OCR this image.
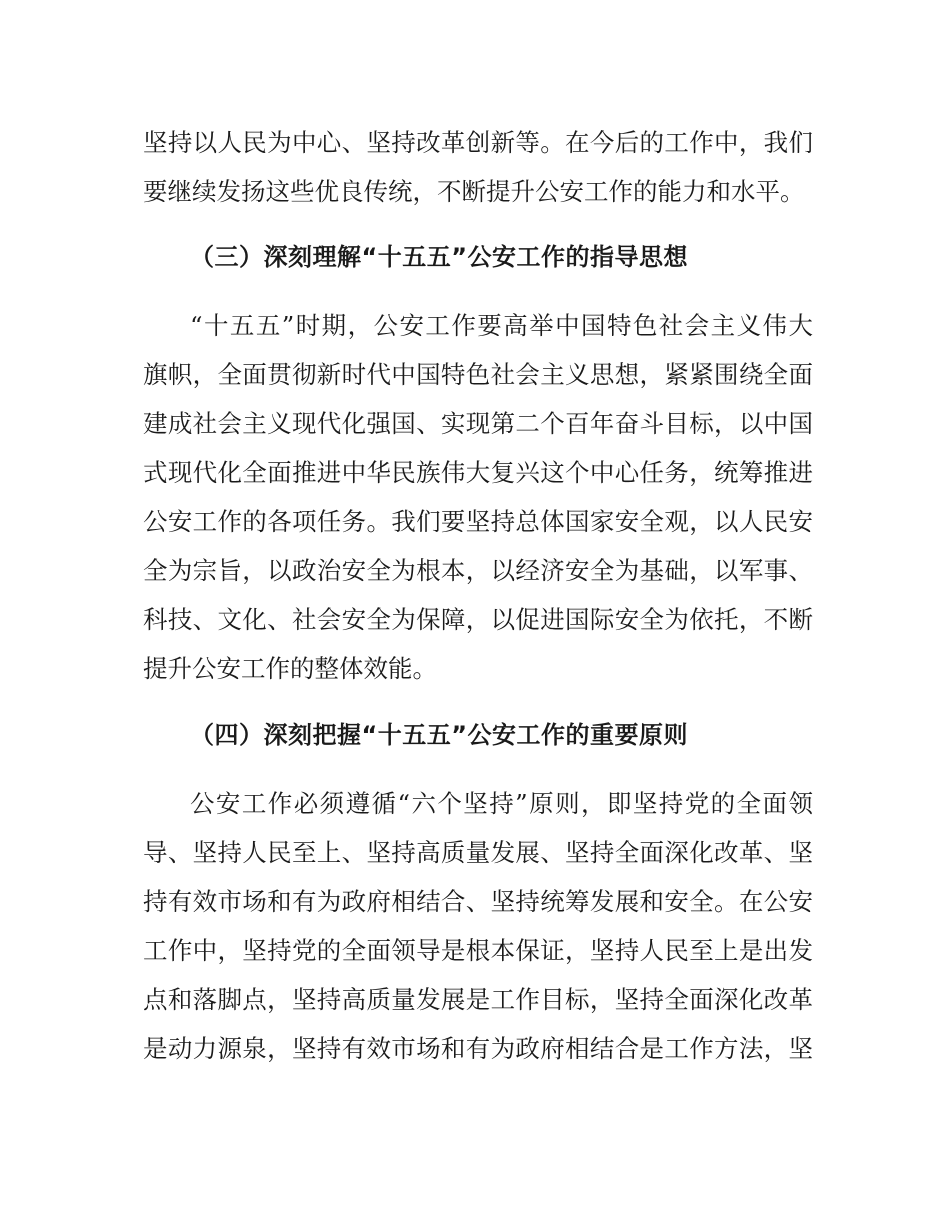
坚持以人民为中心、坚持改革创新等。在今后的工作中，我们
要继续发扬这些优良传统，不断提升公安工作的能力和水平。
（三）深刻理解“十五五”公安工作的指导思想
“十五五”时期，公安工作要高举中国特色社会主义伟大
旗帜，全面贯彻新时代中国特色社会主义思想，紧紧围绕全面
建成社会主义现代化强国、实现第二个百年奋斗目标，以中国
式现代化全面推进中华民族伟大复兴这个中心任务，统筹推进
公安工作的各项任务。我们要坚持总体国家安全观，以人民安
全为宗旨，以政治安全为根本，以经济安全为基础，以军事、
科技、文化、社会安全为保障，以促进国际安全为依托，不断
提升公安工作的整体效能。
（四）深刻把握“十五五”公安工作的重要原则
公安工作必须遵循“六个坚持”原则，即坚持党的全面领
导、坚持人民至上、坚持高质量发展、坚持全面深化改革、坚
持有效市场和有为政府相结合、坚持统筹发展和安全。在公安
工作中，坚持党的全面领导是根本保证，坚持人民至上是出发
点和落脚点，坚持高质量发展是工作目标，坚持全面深化改革
是动力源泉，坚持有效市场和有为政府相结合是工作方法，坚
